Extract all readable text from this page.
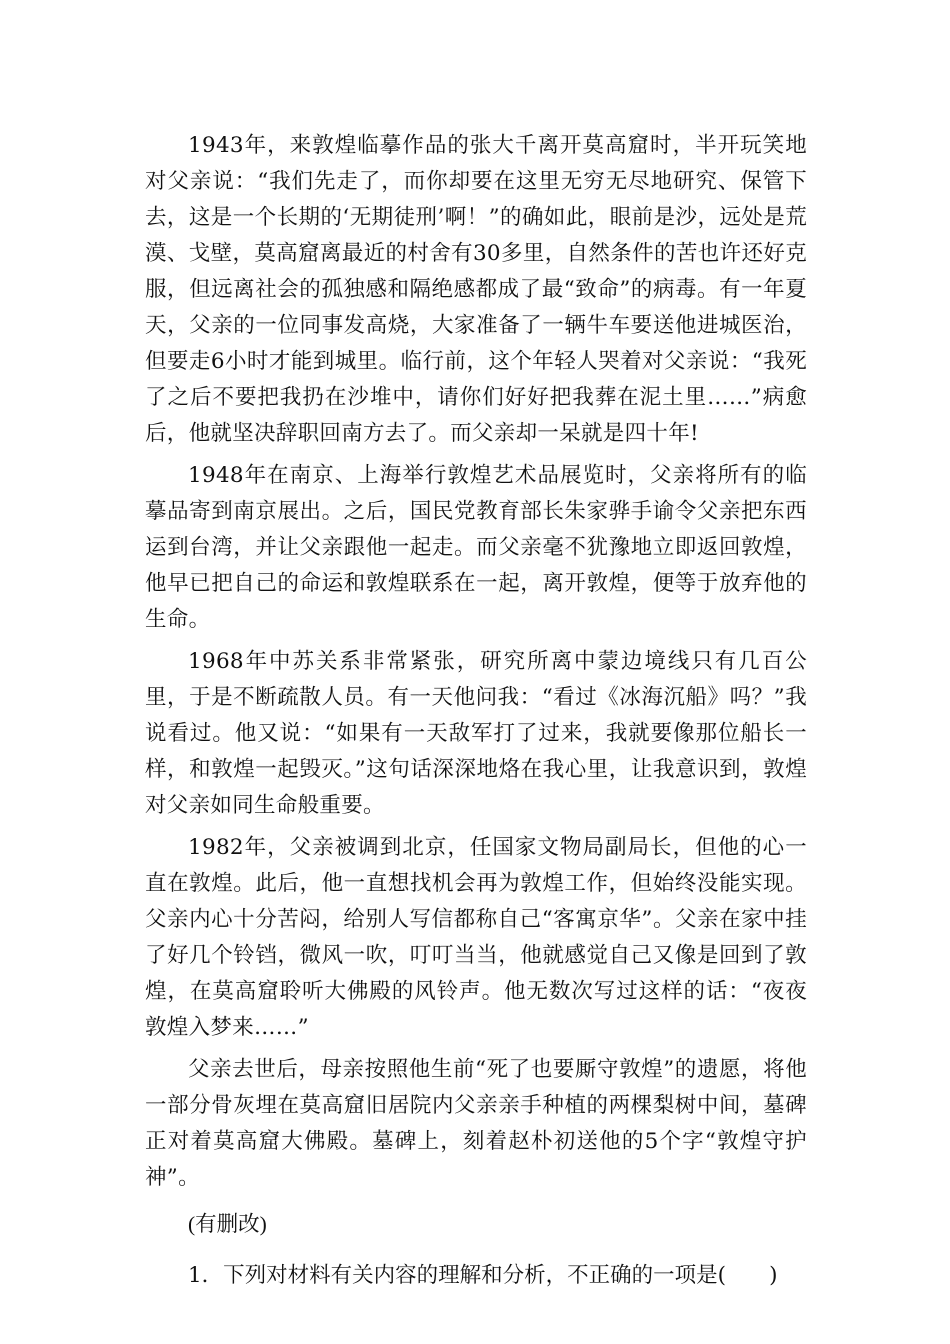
1943年，来敦煌临摹作品的张大千离开莫高窟时，半开玩笑地对父亲说：“我们先走了，而你却要在这里无穷无尽地研究、保管下去，这是一个长期的‘无期徒刑’啊！”的确如此，眼前是沙，远处是荒漠、戈壁，莫高窟离最近的村舍有30多里，自然条件的苦也许还好克服，但远离社会的孤独感和隔绝感都成了最“致命”的病毒。有一年夏天，父亲的一位同事发高烧，大家准备了一辆牛车要送他进城医治，但要走6小时才能到城里。临行前，这个年轻人哭着对父亲说：“我死了之后不要把我扔在沙堆中，请你们好好把我葬在泥土里……”病愈后，他就坚决辞职回南方去了。而父亲却一呆就是四十年!

1948年在南京、上海举行敦煌艺术品展览时，父亲将所有的临摹品寄到南京展出。之后，国民党教育部长朱家骅手谕令父亲把东西运到台湾，并让父亲跟他一起走。而父亲毫不犹豫地立即返回敦煌，他早已把自己的命运和敦煌联系在一起，离开敦煌，便等于放弃他的生命。

1968年中苏关系非常紧张，研究所离中蒙边境线只有几百公里，于是不断疏散人员。有一天他问我：“看过《冰海沉船》吗？”我说看过。他又说：“如果有一天敌军打了过来，我就要像那位船长一样，和敦煌一起毁灭。”这句话深深地烙在我心里，让我意识到，敦煌对父亲如同生命般重要。

1982年，父亲被调到北京，任国家文物局副局长，但他的心一直在敦煌。此后，他一直想找机会再为敦煌工作，但始终没能实现。父亲内心十分苦闷，给别人写信都称自己“客寓京华”。父亲在家中挂了好几个铃铛，微风一吹，叮叮当当，他就感觉自己又像是回到了敦煌，在莫高窟聆听大佛殿的风铃声。他无数次写过这样的话：“夜夜敦煌入梦来……”

父亲去世后，母亲按照他生前“死了也要厮守敦煌”的遗愿，将他一部分骨灰埋在莫高窟旧居院内父亲亲手种植的两棵梨树中间，墓碑正对着莫高窟大佛殿。墓碑上，刻着赵朴初送他的5个字“敦煌守护神”。

(有删改)

1．下列对材料有关内容的理解和分析，不正确的一项是(　　)
